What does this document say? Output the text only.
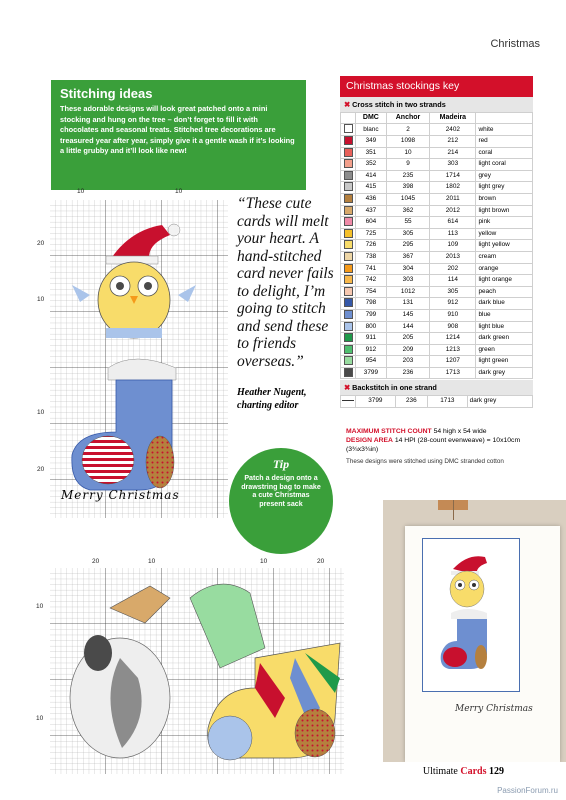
Christmas
Stitching ideas

These adorable designs will look great patched onto a mini stocking and hung on the tree – don’t forget to fill it with chocolates and seasonal treats. Stitched tree decorations are treasured year after year, simply give it a gentle wash if it’s looking a little grubby and it’ll look like new!

10	10
20
10
10
20
Merry Christmas
“These cute cards will melt your heart. A hand-stitched card never fails to delight, I’m going to stitch and send these to friends overseas.”
Heather Nugent,
charting editor
Tip
Patch a design onto a drawstring bag to make a cute Christmas present sack
Christmas stockings key
✖ Cross stitch in two strands
	DMC	Anchor	Madeira	
	blanc	2	2402	white
	349	1098	212	red
	351	10	214	coral
	352	9	303	light coral
	414	235	1714	grey
	415	398	1802	light grey
	436	1045	2011	brown
	437	362	2012	light brown
	604	55	614	pink
	725	305	113	yellow
	726	295	109	light yellow
	738	367	2013	cream
	741	304	202	orange
	742	303	114	light orange
	754	1012	305	peach
	798	131	912	dark blue
	799	145	910	blue
	800	144	908	light blue
	911	205	1214	dark green
	912	209	1213	green
	954	203	1207	light green
	3799	236	1713	dark grey
✖ Backstitch in one strand
	3799	236	1713	dark grey
MAXIMUM STITCH COUNT 54 high x 54 wide
DESIGN AREA 14 HPI (28-count evenweave) = 10x10cm (3¾x3¾in)
These designs were stitched using DMC stranded cotton
20	10	10	20
10
10
Merry Christmas
Ultimate Cards 129
PassionForum.ru
